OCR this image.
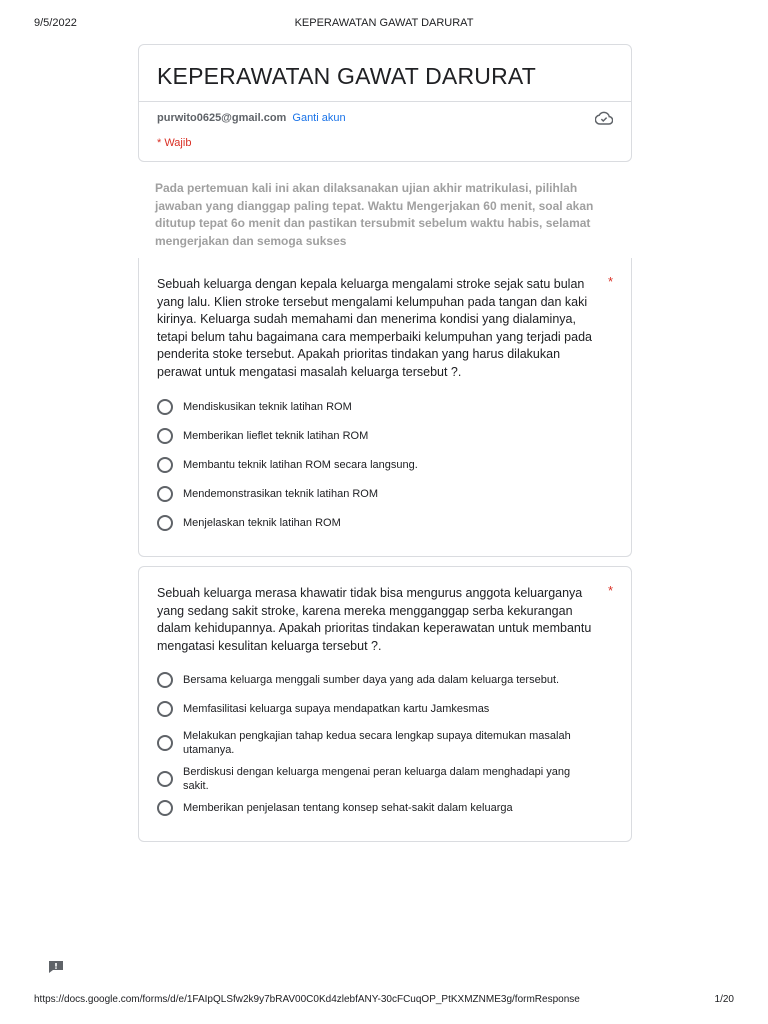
9/5/2022	KEPERAWATAN GAWAT DARURAT
KEPERAWATAN GAWAT DARURAT
purwito0625@gmail.com Ganti akun
* Wajib
Pada pertemuan kali ini akan dilaksanakan ujian akhir matrikulasi, pilihlah jawaban yang dianggap paling tepat. Waktu Mengerjakan 60 menit, soal akan ditutup tepat 6o menit dan pastikan tersubmit sebelum waktu habis, selamat mengerjakan dan semoga sukses
Sebuah keluarga dengan kepala keluarga mengalami stroke sejak satu bulan yang lalu. Klien stroke tersebut mengalami kelumpuhan pada tangan dan kaki kirinya. Keluarga sudah memahami dan menerima kondisi yang dialaminya, tetapi belum tahu bagaimana cara memperbaiki kelumpuhan yang terjadi pada penderita stoke tersebut. Apakah prioritas tindakan yang harus dilakukan perawat untuk mengatasi masalah keluarga tersebut ?.
*
Mendiskusikan teknik latihan ROM
Memberikan lieflet teknik latihan ROM
Membantu teknik latihan ROM secara langsung.
Mendemonstrasikan teknik latihan ROM
Menjelaskan teknik latihan ROM
Sebuah keluarga merasa khawatir tidak bisa mengurus anggota keluarganya yang sedang sakit stroke, karena mereka mengganggap serba kekurangan dalam kehidupannya. Apakah prioritas tindakan keperawatan untuk membantu mengatasi kesulitan keluarga tersebut ?.
*
Bersama keluarga menggali sumber daya yang ada dalam keluarga tersebut.
Memfasilitasi keluarga supaya mendapatkan kartu Jamkesmas
Melakukan pengkajian tahap kedua secara lengkap supaya ditemukan masalah utamanya.
Berdiskusi dengan keluarga mengenai peran keluarga dalam menghadapi yang sakit.
Memberikan penjelasan tentang konsep sehat-sakit dalam keluarga
https://docs.google.com/forms/d/e/1FAIpQLSfw2k9y7bRAV00C0Kd4zlebfANY-30cFCuqOP_PtKXMZNME3g/formResponse	1/20
